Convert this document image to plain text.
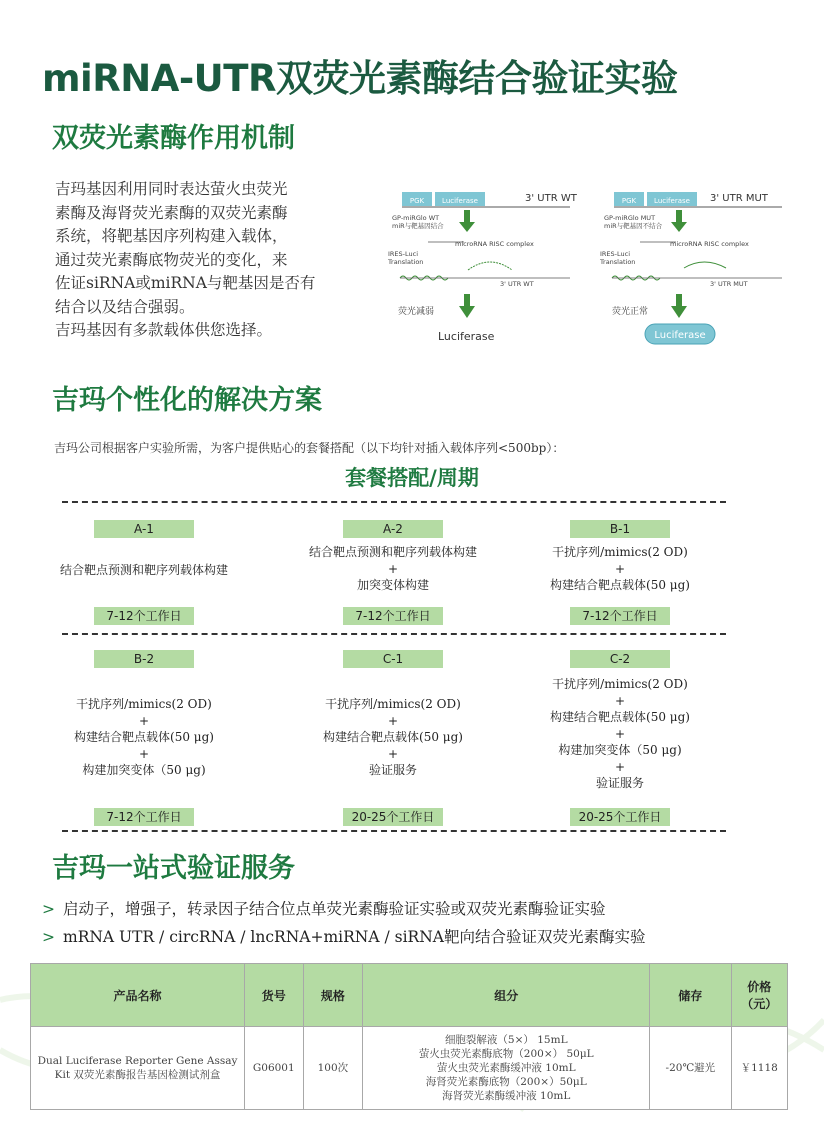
miRNA-UTR双荧光素酶结合验证实验
双荧光素酶作用机制

吉玛基因利用同时表达萤火虫荧光

素酶及海肾荧光素酶的双荧光素酶

系统，将靶基因序列构建入载体，

通过荧光素酶底物荧光的变化，来

佐证siRNA或miRNA与靶基因是否有

结合以及结合强弱。

吉玛基因有多款载体供您选择。

PGK	Luciferase	3' UTR WT
GP-miRGlo WT
miR与靶基因结合
microRNA RISC complex
IRES-Luci
Translation
3' UTR WT
荧光减弱
Luciferase
PGK	Luciferase 3' UTR MUT
GP-miRGlo MUT
miR与靶基因不结合
microRNA RISC complex
IRES-Luci
Translation
3' UTR MUT
荧光正常
Luciferase
吉玛个性化的解决方案
吉玛公司根据客户实验所需，为客户提供贴心的套餐搭配（以下均针对插入载体序列<500bp）：
套餐搭配/周期
A-1
结合靶点预测和靶序列载体构建
7-12个工作日
A-2
结合靶点预测和靶序列载体构建
+
加突变体构建
7-12个工作日
B-1
干扰序列/mimics(2 OD)
+
构建结合靶点载体(50 μg)
7-12个工作日
B-2
干扰序列/mimics(2 OD)
+
构建结合靶点载体(50 μg)
+
构建加突变体（50 μg)
7-12个工作日
C-1
干扰序列/mimics(2 OD)
+
构建结合靶点载体(50 μg)
+
验证服务
20-25个工作日
C-2
干扰序列/mimics(2 OD)
+
构建结合靶点载体(50 μg)
+
构建加突变体（50 μg)
+
验证服务
20-25个工作日
吉玛一站式验证服务
> 启动子，增强子，转录因子结合位点单荧光素酶验证实验或双荧光素酶验证实验
> mRNA UTR / circRNA / lncRNA+miRNA / siRNA靶向结合验证双荧光素酶实验
产品名称	货号	规格	组分	储存	价格
（元）
Dual Luciferase Reporter Gene Assay Kit 双荧光素酶报告基因检测试剂盒	G06001	100次	细胞裂解液（5×） 15mL
萤火虫荧光素酶底物（200×） 50μL
萤火虫荧光素酶缓冲液 10mL
海肾荧光素酶底物（200×）50μL
海肾荧光素酶缓冲液 10mL	-20℃避光	￥1118
